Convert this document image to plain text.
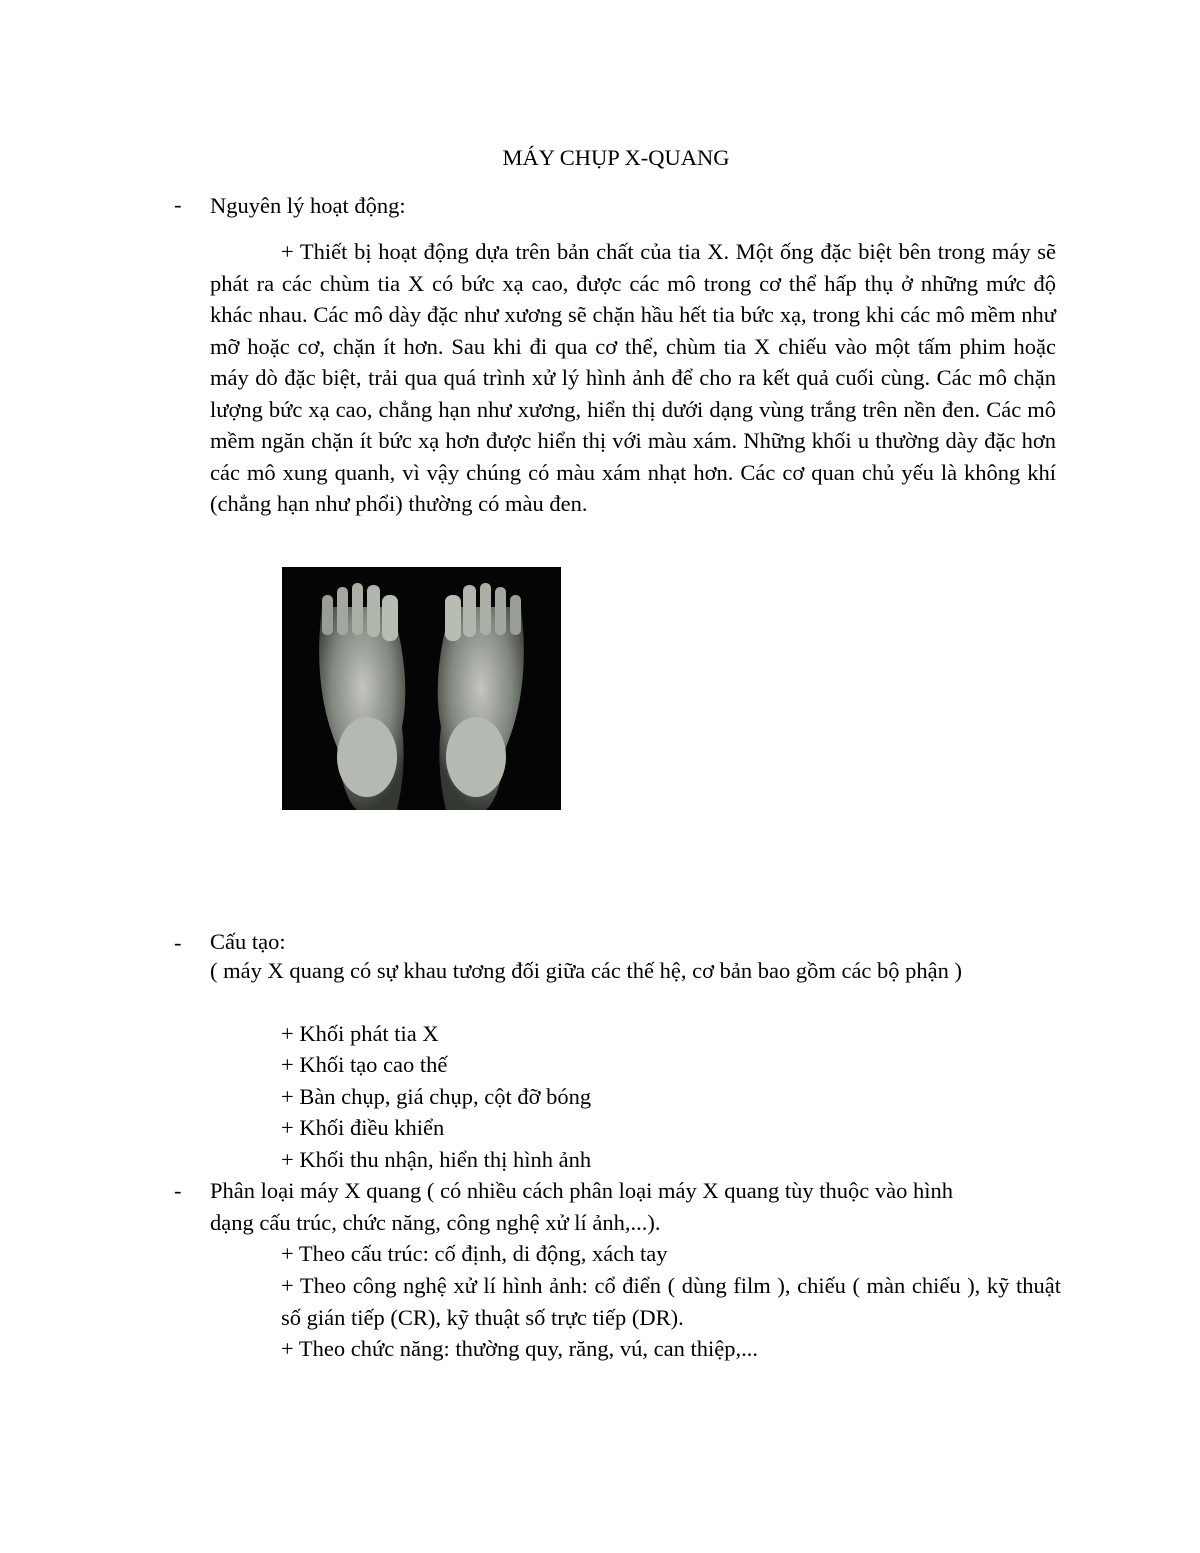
MÁY CHỤP X-QUANG
-	Nguyên lý hoạt động:
+ Thiết bị hoạt động dựa trên bản chất của tia X. Một ống đặc biệt bên trong máy sẽ phát ra các chùm tia X có bức xạ cao, được các mô trong cơ thể hấp thụ ở những mức độ khác nhau. Các mô dày đặc như xương sẽ chặn hầu hết tia bức xạ, trong khi các mô mềm như mỡ hoặc cơ, chặn ít hơn. Sau khi đi qua cơ thể, chùm tia X chiếu vào một tấm phim hoặc máy dò đặc biệt, trải qua quá trình xử lý hình ảnh để cho ra kết quả cuối cùng. Các mô chặn lượng bức xạ cao, chẳng hạn như xương, hiển thị dưới dạng vùng trắng trên nền đen. Các mô mềm ngăn chặn ít bức xạ hơn được hiển thị với màu xám. Những khối u thường dày đặc hơn các mô xung quanh, vì vậy chúng có màu xám nhạt hơn. Các cơ quan chủ yếu là không khí (chẳng hạn như phổi) thường có màu đen.
-	Cấu tạo:
( máy X quang có sự khau tương đối giữa các thế hệ, cơ bản bao gồm các bộ phận )
+ Khối phát tia X
+ Khối tạo cao thế
+ Bàn chụp, giá chụp, cột đỡ bóng
+ Khối điều khiển
+ Khối thu nhận, hiển thị hình ảnh
-	Phân loại máy X quang ( có nhiều cách phân loại máy X quang tùy thuộc vào hình
dạng cấu trúc, chức năng, công nghệ xử lí ảnh,...).
+ Theo cấu trúc: cố định, di động, xách tay
+ Theo công nghệ xử lí hình ảnh: cổ điển ( dùng film ), chiếu ( màn chiếu ), kỹ thuật số gián tiếp (CR), kỹ thuật số trực tiếp (DR).
+ Theo chức năng: thường quy, răng, vú, can thiệp,...
